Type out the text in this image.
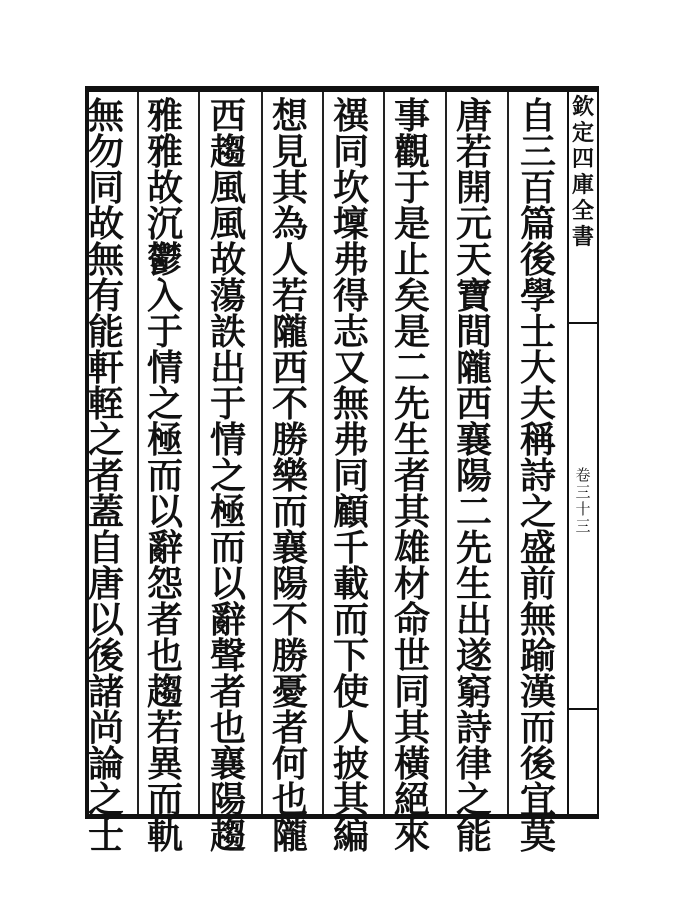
欽
定
四
庫
全
書
卷
三
十
三
自
三
百
篇
後
學
士
大
夫
稱
詩
之
盛
前
無
踰
漢
而
後
宜
莫
唐
若
開
元
天
寶
間
隴
西
襄
陽
二
先
生
出
遂
窮
詩
律
之
能
事
觀
于
是
止
矣
是
二
先
生
者
其
雄
材
命
世
同
其
橫
絕
來
禩
同
坎
壈
弗
得
志
又
無
弗
同
顧
千
載
而
下
使
人
披
其
編
想
見
其
為
人
若
隴
西
不
勝
樂
而
襄
陽
不
勝
憂
者
何
也
隴
西
趨
風
風
故
蕩
詄
出
于
情
之
極
而
以
辭
聲
者
也
襄
陽
趨
雅
雅
故
沉
鬱
入
于
情
之
極
而
以
辭
怨
者
也
趨
若
異
而
軌
無
勿
同
故
無
有
能
軒
輊
之
者
蓋
自
唐
以
後
諸
尚
論
之
士
